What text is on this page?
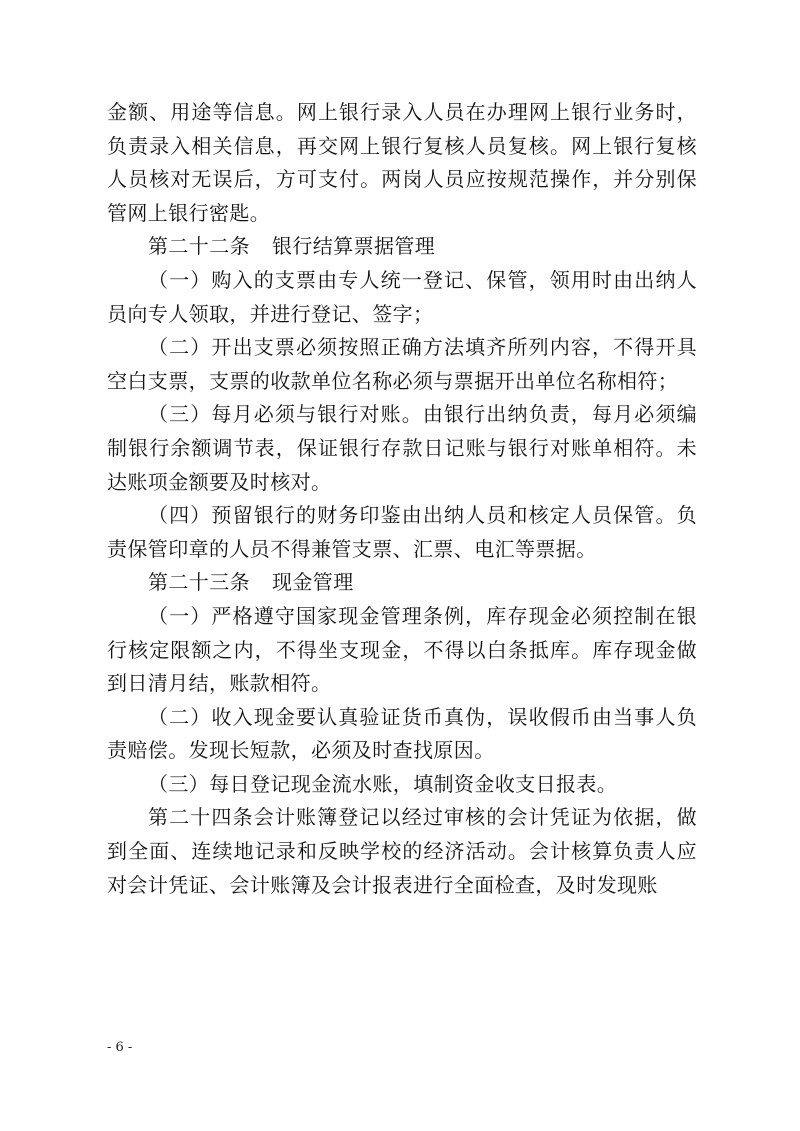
金额、用途等信息。网上银行录入人员在办理网上银行业务时，负责录入相关信息，再交网上银行复核人员复核。网上银行复核人员核对无误后，方可支付。两岗人员应按规范操作，并分别保管网上银行密匙。

第二十二条 银行结算票据管理

（一）购入的支票由专人统一登记、保管，领用时由出纳人员向专人领取，并进行登记、签字；

（二）开出支票必须按照正确方法填齐所列内容，不得开具空白支票，支票的收款单位名称必须与票据开出单位名称相符；

（三）每月必须与银行对账。由银行出纳负责，每月必须编制银行余额调节表，保证银行存款日记账与银行对账单相符。未达账项金额要及时核对。

（四）预留银行的财务印鉴由出纳人员和核定人员保管。负责保管印章的人员不得兼管支票、汇票、电汇等票据。

第二十三条 现金管理

（一）严格遵守国家现金管理条例，库存现金必须控制在银行核定限额之内，不得坐支现金，不得以白条抵库。库存现金做到日清月结，账款相符。

（二）收入现金要认真验证货币真伪，误收假币由当事人负责赔偿。发现长短款，必须及时查找原因。

（三）每日登记现金流水账，填制资金收支日报表。

第二十四条会计账簿登记以经过审核的会计凭证为依据，做到全面、连续地记录和反映学校的经济活动。会计核算负责人应对会计凭证、会计账簿及会计报表进行全面检查，及时发现账

- 6 -
